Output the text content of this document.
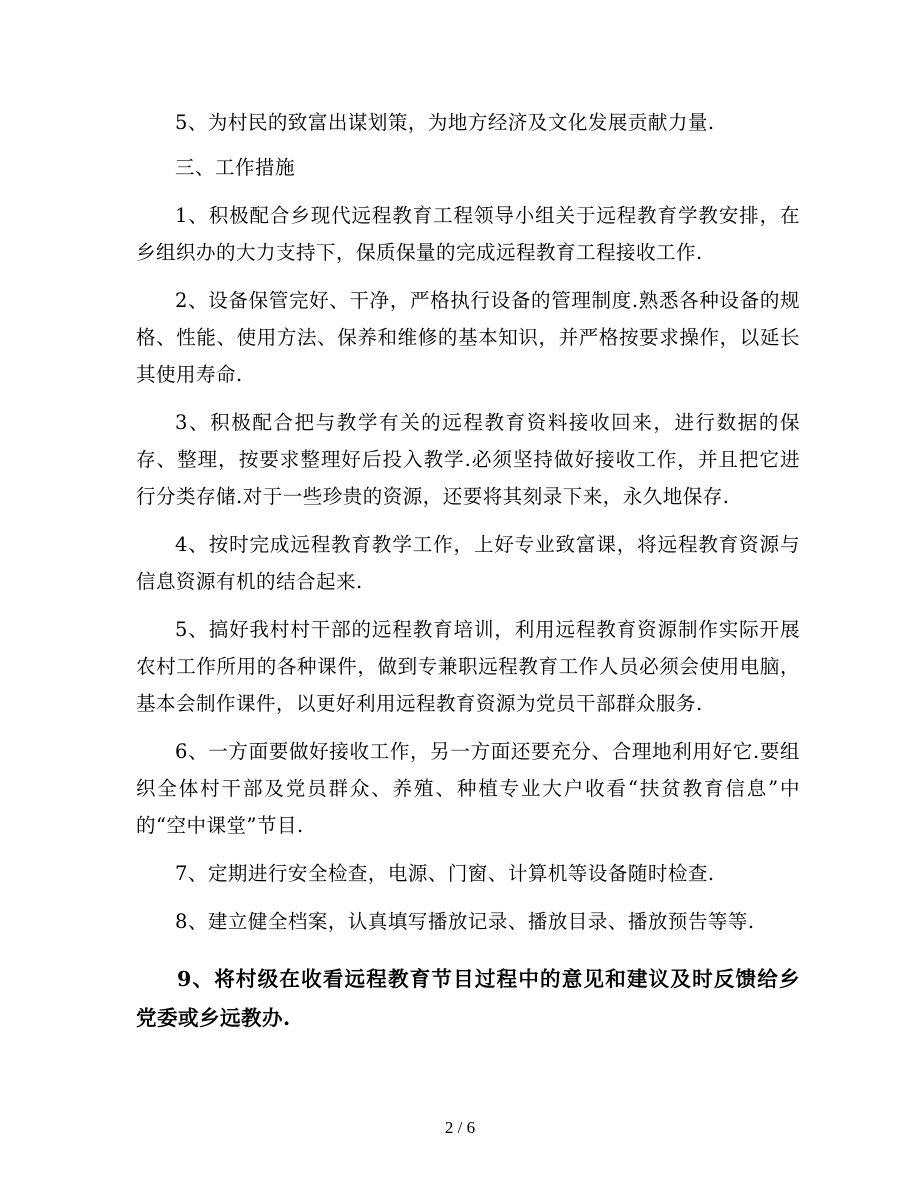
5、为村民的致富出谋划策，为地方经济及文化发展贡献力量.

三、工作措施

1、积极配合乡现代远程教育工程领导小组关于远程教育学教安排，在乡组织办的大力支持下，保质保量的完成远程教育工程接收工作.

2、设备保管完好、干净，严格执行设备的管理制度.熟悉各种设备的规格、性能、使用方法、保养和维修的基本知识，并严格按要求操作，以延长其使用寿命.

3、积极配合把与教学有关的远程教育资料接收回来，进行数据的保存、整理，按要求整理好后投入教学.必须坚持做好接收工作，并且把它进行分类存储.对于一些珍贵的资源，还要将其刻录下来，永久地保存.

4、按时完成远程教育教学工作，上好专业致富课，将远程教育资源与信息资源有机的结合起来.

5、搞好我村村干部的远程教育培训，利用远程教育资源制作实际开展农村工作所用的各种课件，做到专兼职远程教育工作人员必须会使用电脑，基本会制作课件，以更好利用远程教育资源为党员干部群众服务.

6、一方面要做好接收工作，另一方面还要充分、合理地利用好它.要组织全体村干部及党员群众、养殖、种植专业大户收看“扶贫教育信息”中的“空中课堂”节目.

7、定期进行安全检查，电源、门窗、计算机等设备随时检查.

8、建立健全档案，认真填写播放记录、播放目录、播放预告等等.

9、将村级在收看远程教育节目过程中的意见和建议及时反馈给乡党委或乡远教办.

2 / 6
